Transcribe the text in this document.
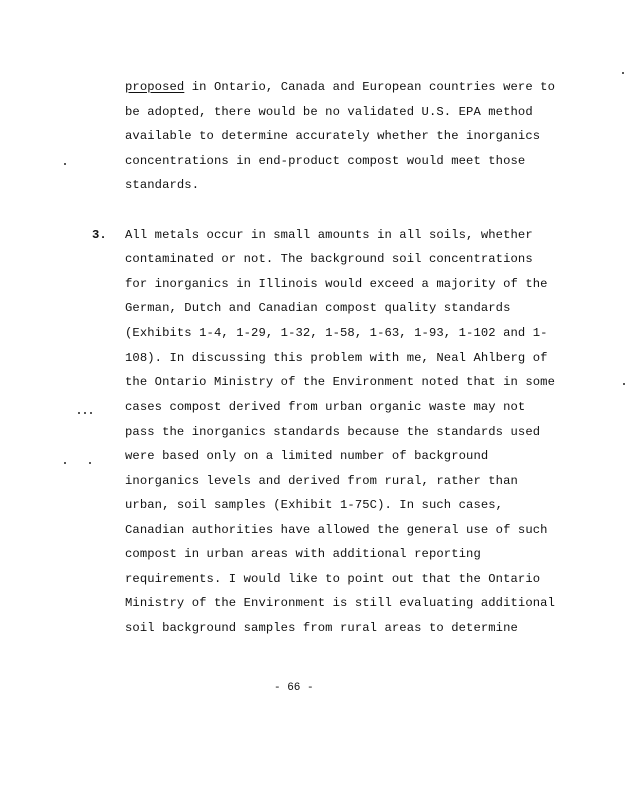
proposed in Ontario, Canada and European countries were to
be adopted, there would be no validated U.S. EPA method
available to determine accurately whether the inorganics
concentrations in end-product compost would meet those
standards.
3. All metals occur in small amounts in all soils, whether
contaminated or not. The background soil concentrations
for inorganics in Illinois would exceed a majority of the
German, Dutch and Canadian compost quality standards
(Exhibits 1-4, 1-29, 1-32, 1-58, 1-63, 1-93, 1-102 and 1-
108). In discussing this problem with me, Neal Ahlberg of
the Ontario Ministry of the Environment noted that in some
cases compost derived from urban organic waste may not
pass the inorganics standards because the standards used
were based only on a limited number of background
inorganics levels and derived from rural, rather than
urban, soil samples (Exhibit 1-75C). In such cases,
Canadian authorities have allowed the general use of such
compost in urban areas with additional reporting
requirements. I would like to point out that the Ontario
Ministry of the Environment is still evaluating additional
soil background samples from rural areas to determine
- 66 -
